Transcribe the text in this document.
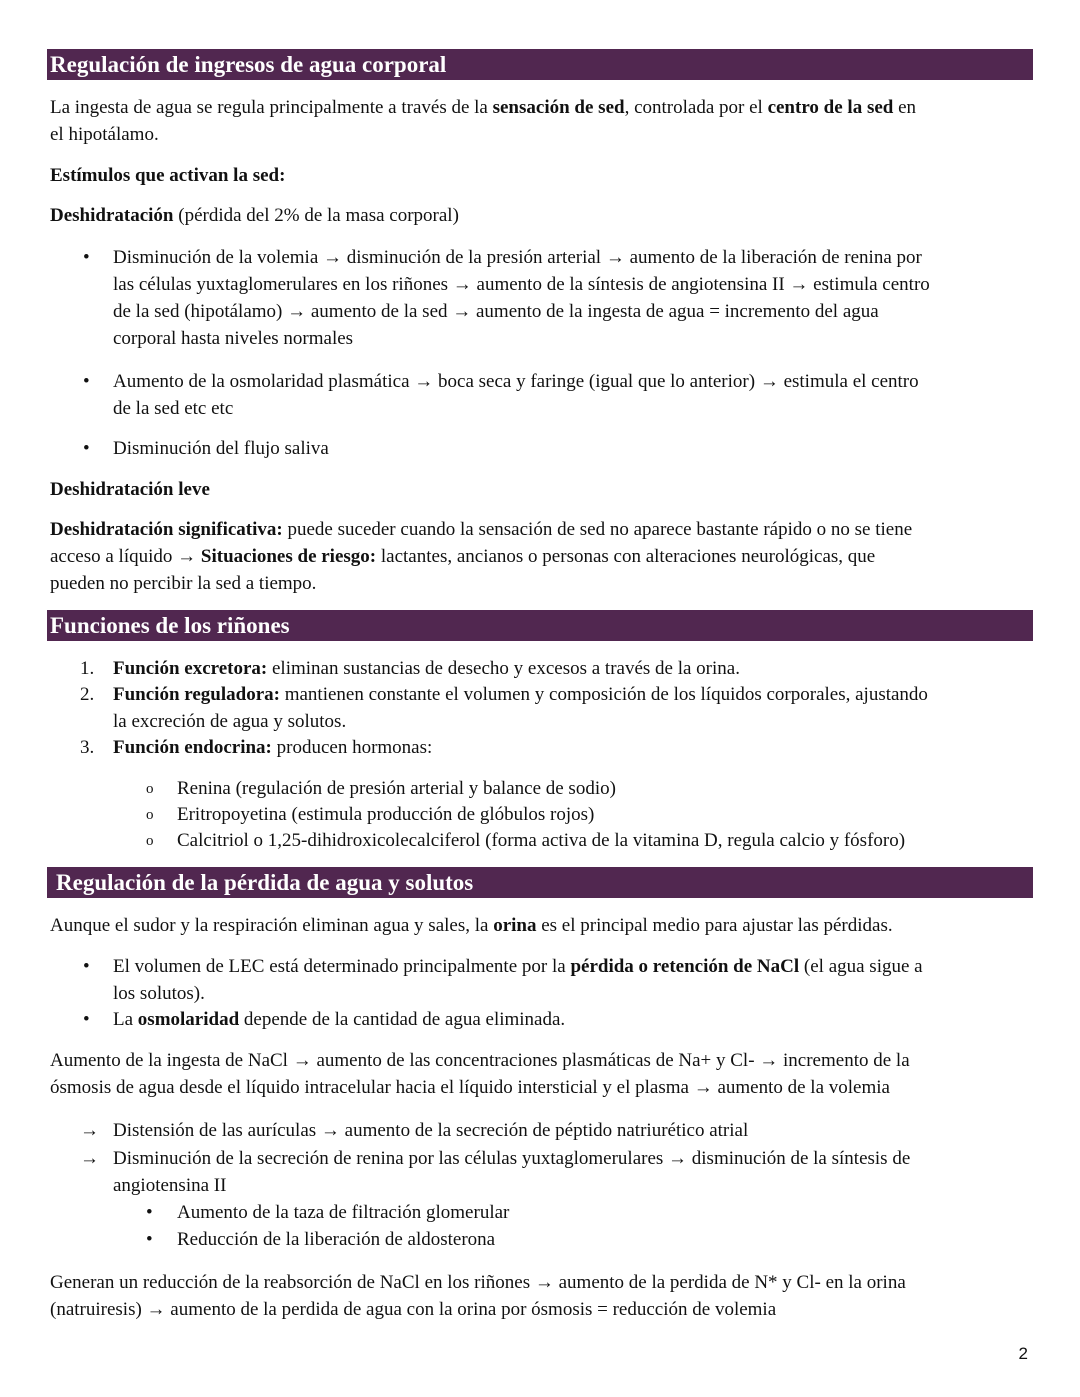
Regulación de ingresos de agua corporal

La ingesta de agua se regula principalmente a través de la sensación de sed, controlada por el centro de la sed en

el hipotálamo.

Estímulos que activan la sed:
Deshidratación (pérdida del 2% de la masa corporal)
• Disminución de la volemia → disminución de la presión arterial → aumento de la liberación de renina por
las células yuxtaglomerulares en los riñones → aumento de la síntesis de angiotensina II → estimula centro
de la sed (hipotálamo) → aumento de la sed → aumento de la ingesta de agua = incremento del agua
corporal hasta niveles normales
• Aumento de la osmolaridad plasmática → boca seca y faringe (igual que lo anterior) → estimula el centro
de la sed etc etc
• Disminución del flujo saliva
Deshidratación leve
Deshidratación significativa: puede suceder cuando la sensación de sed no aparece bastante rápido o no se tiene
acceso a líquido → Situaciones de riesgo: lactantes, ancianos o personas con alteraciones neurológicas, que
pueden no percibir la sed a tiempo.
Funciones de los riñones
1. Función excretora: eliminan sustancias de desecho y excesos a través de la orina.
2. Función reguladora: mantienen constante el volumen y composición de los líquidos corporales, ajustando
la excreción de agua y solutos.
3. Función endocrina: producen hormonas:
o Renina (regulación de presión arterial y balance de sodio)
o Eritropoyetina (estimula producción de glóbulos rojos)
o Calcitriol o 1,25-dihidroxicolecalciferol (forma activa de la vitamina D, regula calcio y fósforo)
Regulación de la pérdida de agua y solutos
Aunque el sudor y la respiración eliminan agua y sales, la orina es el principal medio para ajustar las pérdidas.
• El volumen de LEC está determinado principalmente por la pérdida o retención de NaCl (el agua sigue a
los solutos).
• La osmolaridad depende de la cantidad de agua eliminada.
Aumento de la ingesta de NaCl → aumento de las concentraciones plasmáticas de Na+ y Cl- → incremento de la
ósmosis de agua desde el líquido intracelular hacia el líquido intersticial y el plasma → aumento de la volemia
→ Distensión de las aurículas → aumento de la secreción de péptido natriurético atrial
→ Disminución de la secreción de renina por las células yuxtaglomerulares → disminución de la síntesis de
angiotensina II
• Aumento de la taza de filtración glomerular
• Reducción de la liberación de aldosterona
Generan un reducción de la reabsorción de NaCl en los riñones → aumento de la perdida de N* y Cl- en la orina
(natruiresis) → aumento de la perdida de agua con la orina por ósmosis = reducción de volemia
2
